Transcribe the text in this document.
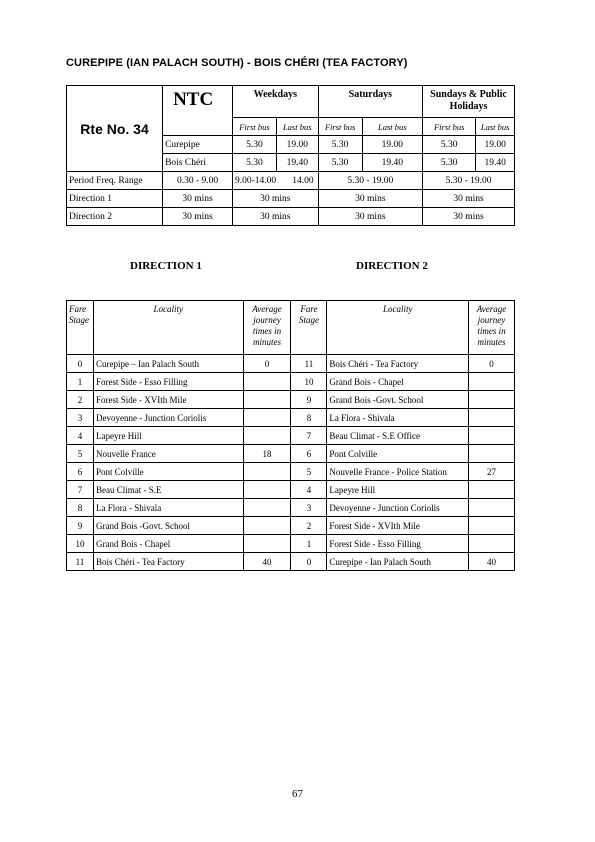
CUREPIPE (IAN PALACH SOUTH) - BOIS CHÉRI (TEA FACTORY)
Rte No. 34	NTC	Weekdays		Saturdays		Sundays & Public Holidays	
		First bus	Last bus	First bus	Last bus	First bus	Last bus
	Curepipe	5.30	19.00	5.30	19.00	5.30	19.00
	Bois Chéri	5.30	19.40	5.30	19.40	5.30	19.40
Period Freq. Range	0.30 - 9.00	9.00-14.00 14.00		5.30 - 19.00		5.30 - 19.00	
Direction 1	30 mins	30 mins		30 mins		30 mins	
Direction 2	30 mins	30 mins		30 mins		30 mins	
DIRECTION 1	DIRECTION 2
Fare Stage	Locality	Average journey times in minutes	Fare Stage	Locality	Average journey times in minutes
0	Curepipe – Ian Palach South	0	11	Bois Chéri - Tea Factory	0
1	Forest Side - Esso Filling		10	Grand Bois - Chapel	
2	Forest Side - XVIth Mile		9	Grand Bois -Govt. School	
3	Devoyenne - Junction Coriolis		8	La Flora - Shivala	
4	Lapeyre Hill		7	Beau Climat - S.E Office	
5	Nouvelle France	18	6	Pont Colville	
6	Pont Colville		5	Nouvelle France - Police Station	27
7	Beau Climat - S.E		4	Lapeyre Hill	
8	La Flora - Shivala		3	Devoyenne - Junction Coriolis	
9	Grand Bois -Govt. School		2	Forest Side - XVIth Mile	
10	Grand Bois - Chapel		1	Forest Side - Esso Filling	
11	Bois Chéri - Tea Factory	40	0	Curepipe - Ian Palach South	40
67
